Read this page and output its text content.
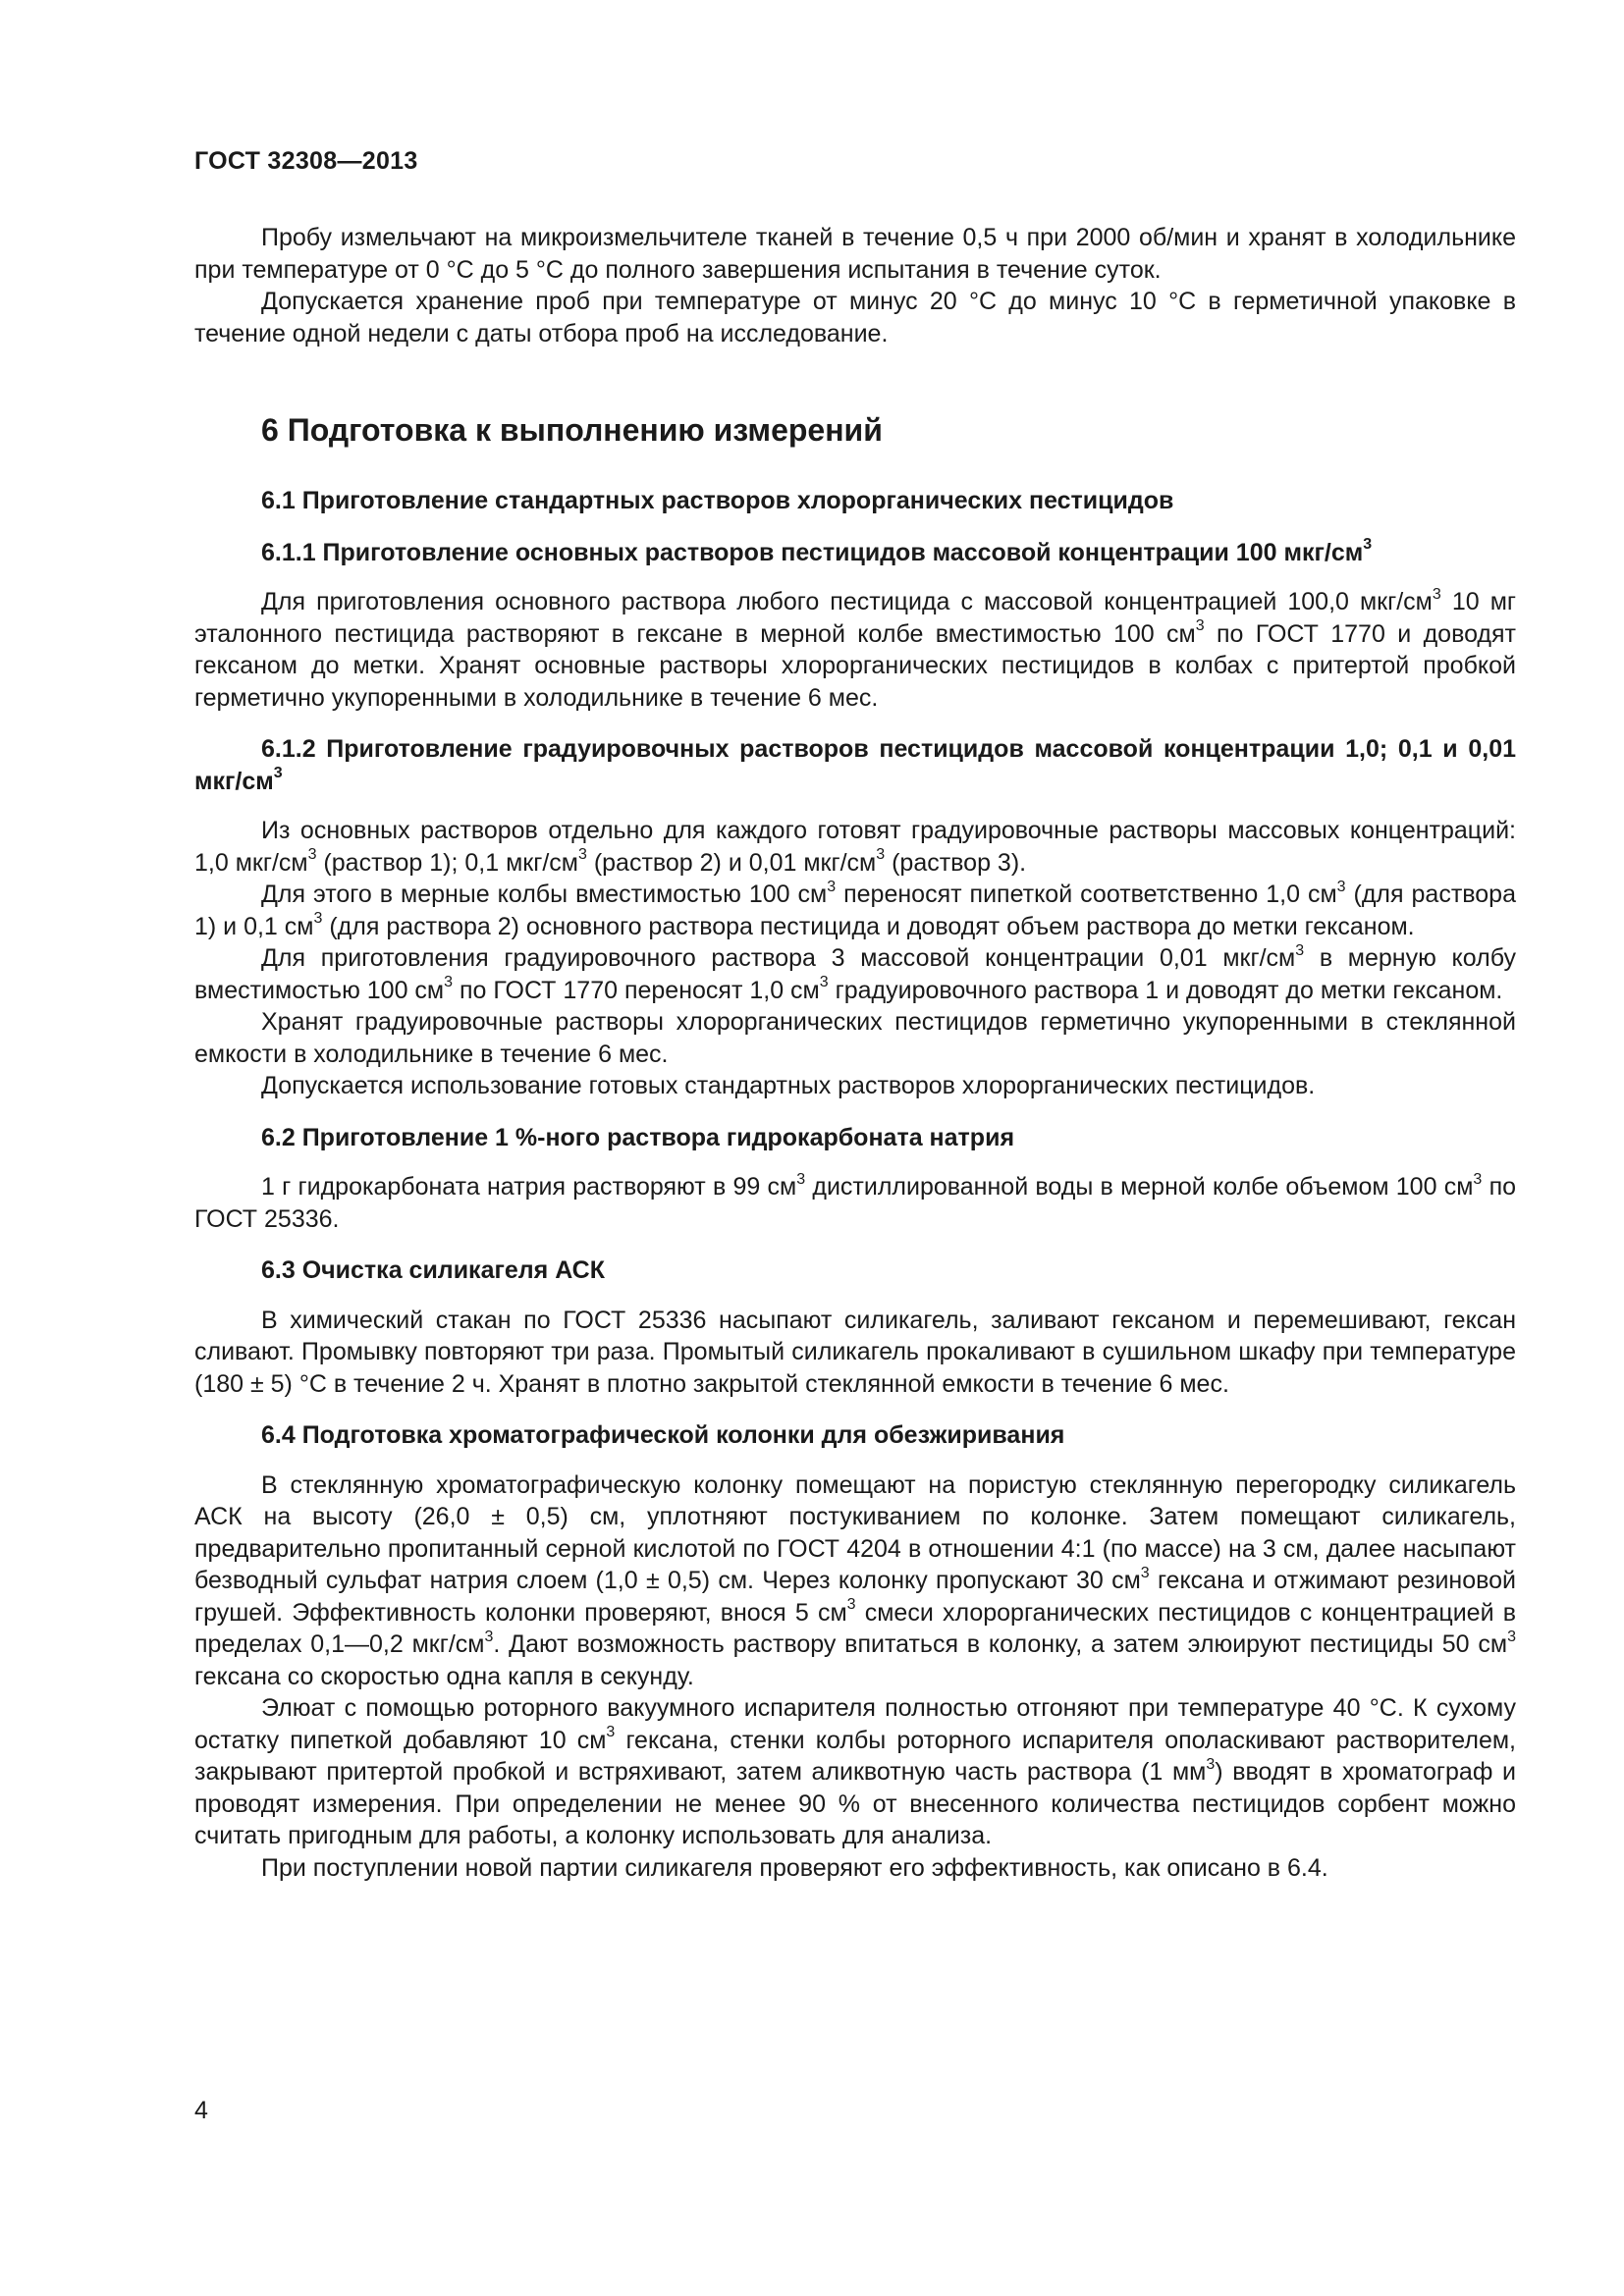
ГОСТ 32308—2013

Пробу измельчают на микроизмельчителе тканей в течение 0,5 ч при 2000 об/мин и хранят в холодильнике при температуре от 0 °С до 5 °С до полного завершения испытания в течение суток.

Допускается хранение проб при температуре от минус 20 °С до минус 10 °С в герметичной упаковке в течение одной недели с даты отбора проб на исследование.

6 Подготовка к выполнению измерений
6.1 Приготовление стандартных растворов хлорорганических пестицидов
6.1.1 Приготовление основных растворов пестицидов массовой концентрации 100 мкг/$см^3$

Для приготовления основного раствора любого пестицида с массовой концентрацией 100,0 мкг/$см^3$ 10 мг эталонного пестицида растворяют в гексане в мерной колбе вместимостью 100 $см^3$ по ГОСТ 1770 и доводят гексаном до метки. Хранят основные растворы хлорорганических пестицидов в колбах с притертой пробкой герметично укупоренными в холодильнике в течение 6 мес.

6.1.2 Приготовление градуировочных растворов пестицидов массовой концентрации 1,0; 0,1 и 0,01 мкг/$см^3$

Из основных растворов отдельно для каждого готовят градуировочные растворы массовых концентраций: 1,0 мкг/$см^3$ (раствор 1); 0,1 мкг/$см^3$ (раствор 2) и 0,01 мкг/$см^3$ (раствор 3).

Для этого в мерные колбы вместимостью 100 $см^3$ переносят пипеткой соответственно 1,0 $см^3$ (для раствора 1) и 0,1 $см^3$ (для раствора 2) основного раствора пестицида и доводят объем раствора до метки гексаном.

Для приготовления градуировочного раствора 3 массовой концентрации 0,01 мкг/$см^3$ в мерную колбу вместимостью 100 $см^3$ по ГОСТ 1770 переносят 1,0 $см^3$ градуировочного раствора 1 и доводят до метки гексаном.

Хранят градуировочные растворы хлорорганических пестицидов герметично укупоренными в стеклянной емкости в холодильнике в течение 6 мес.

Допускается использование готовых стандартных растворов хлорорганических пестицидов.

6.2 Приготовление 1 %-ного раствора гидрокарбоната натрия

1 г гидрокарбоната натрия растворяют в 99 $см^3$ дистиллированной воды в мерной колбе объемом 100 $см^3$ по ГОСТ 25336.

6.3 Очистка силикагеля АСК

В химический стакан по ГОСТ 25336 насыпают силикагель, заливают гексаном и перемешивают, гексан сливают. Промывку повторяют три раза. Промытый силикагель прокаливают в сушильном шкафу при температуре (180 ± 5) °С в течение 2 ч. Хранят в плотно закрытой стеклянной емкости в течение 6 мес.

6.4 Подготовка хроматографической колонки для обезжиривания

В стеклянную хроматографическую колонку помещают на пористую стеклянную перегородку силикагель АСК на высоту (26,0 ± 0,5) см, уплотняют постукиванием по колонке. Затем помещают силикагель, предварительно пропитанный серной кислотой по ГОСТ 4204 в отношении 4:1 (по массе) на 3 см, далее насыпают безводный сульфат натрия слоем (1,0 ± 0,5) см. Через колонку пропускают 30 $см^3$ гексана и отжимают резиновой грушей. Эффективность колонки проверяют, внося 5 $см^3$ смеси хлорорганических пестицидов с концентрацией в пределах 0,1—0,2 мкг/$см^3$. Дают возможность раствору впитаться в колонку, а затем элюируют пестициды 50 $см^3$ гексана со скоростью одна капля в секунду.

Элюат с помощью роторного вакуумного испарителя полностью отгоняют при температуре 40 °С. К сухому остатку пипеткой добавляют 10 $см^3$ гексана, стенки колбы роторного испарителя ополаскивают растворителем, закрывают притертой пробкой и встряхивают, затем аликвотную часть раствора (1 $мм^3$) вводят в хроматограф и проводят измерения. При определении не менее 90 % от внесенного количества пестицидов сорбент можно считать пригодным для работы, а колонку использовать для анализа.

При поступлении новой партии силикагеля проверяют его эффективность, как описано в 6.4.

4
